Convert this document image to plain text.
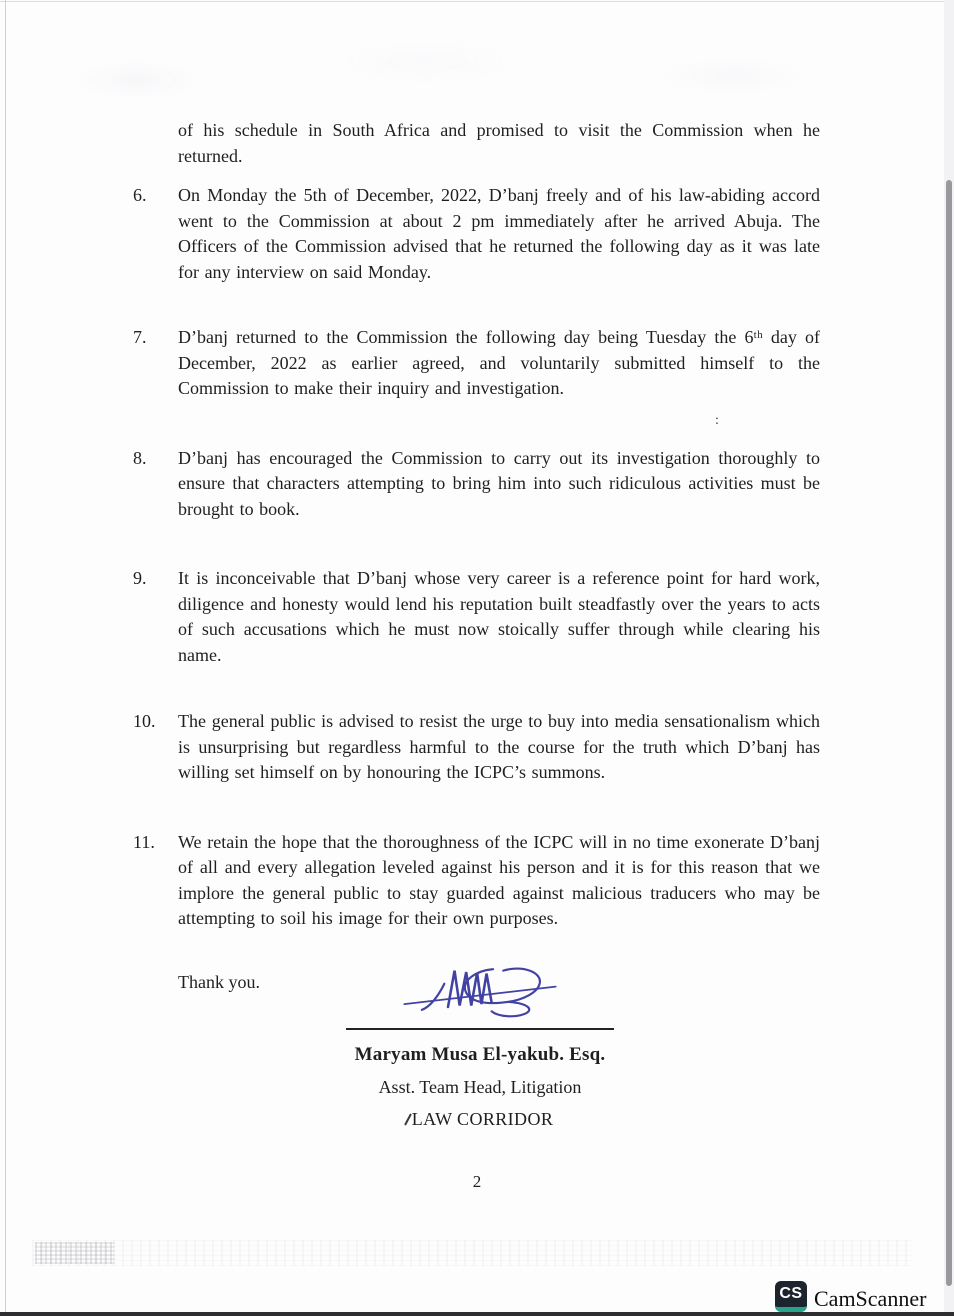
of his schedule in South Africa and promised to visit the Commission when he returned.

6. On Monday the 5th of December, 2022, D’banj freely and of his law-abiding accord went to the Commission at about 2 pm immediately after he arrived Abuja. The Officers of the Commission advised that he returned the following day as it was late for any interview on said Monday.
7. D’banj returned to the Commission the following day being Tuesday the 6ᵗʰ day of December, 2022 as earlier agreed, and voluntarily submitted himself to the Commission to make their inquiry and investigation.
8. D’banj has encouraged the Commission to carry out its investigation thoroughly to ensure that characters attempting to bring him into such ridiculous activities must be brought to book.
9. It is inconceivable that D’banj whose very career is a reference point for hard work, diligence and honesty would lend his reputation built steadfastly over the years to acts of such accusations which he must now stoically suffer through while clearing his name.
10. The general public is advised to resist the urge to buy into media sensationalism which is unsurprising but regardless harmful to the course for the truth which D’banj has willing set himself on by honouring the ICPC’s summons.
11. We retain the hope that the thoroughness of the ICPC will in no time exonerate D’banj of all and every allegation leveled against his person and it is for this reason that we implore the general public to stay guarded against malicious traducers who may be attempting to soil his image for their own purposes.
:
Thank you.
Maryam Musa El-yakub. Esq.
Asst. Team Head, Litigation
LAW CORRIDOR
2
CS CamScanner
